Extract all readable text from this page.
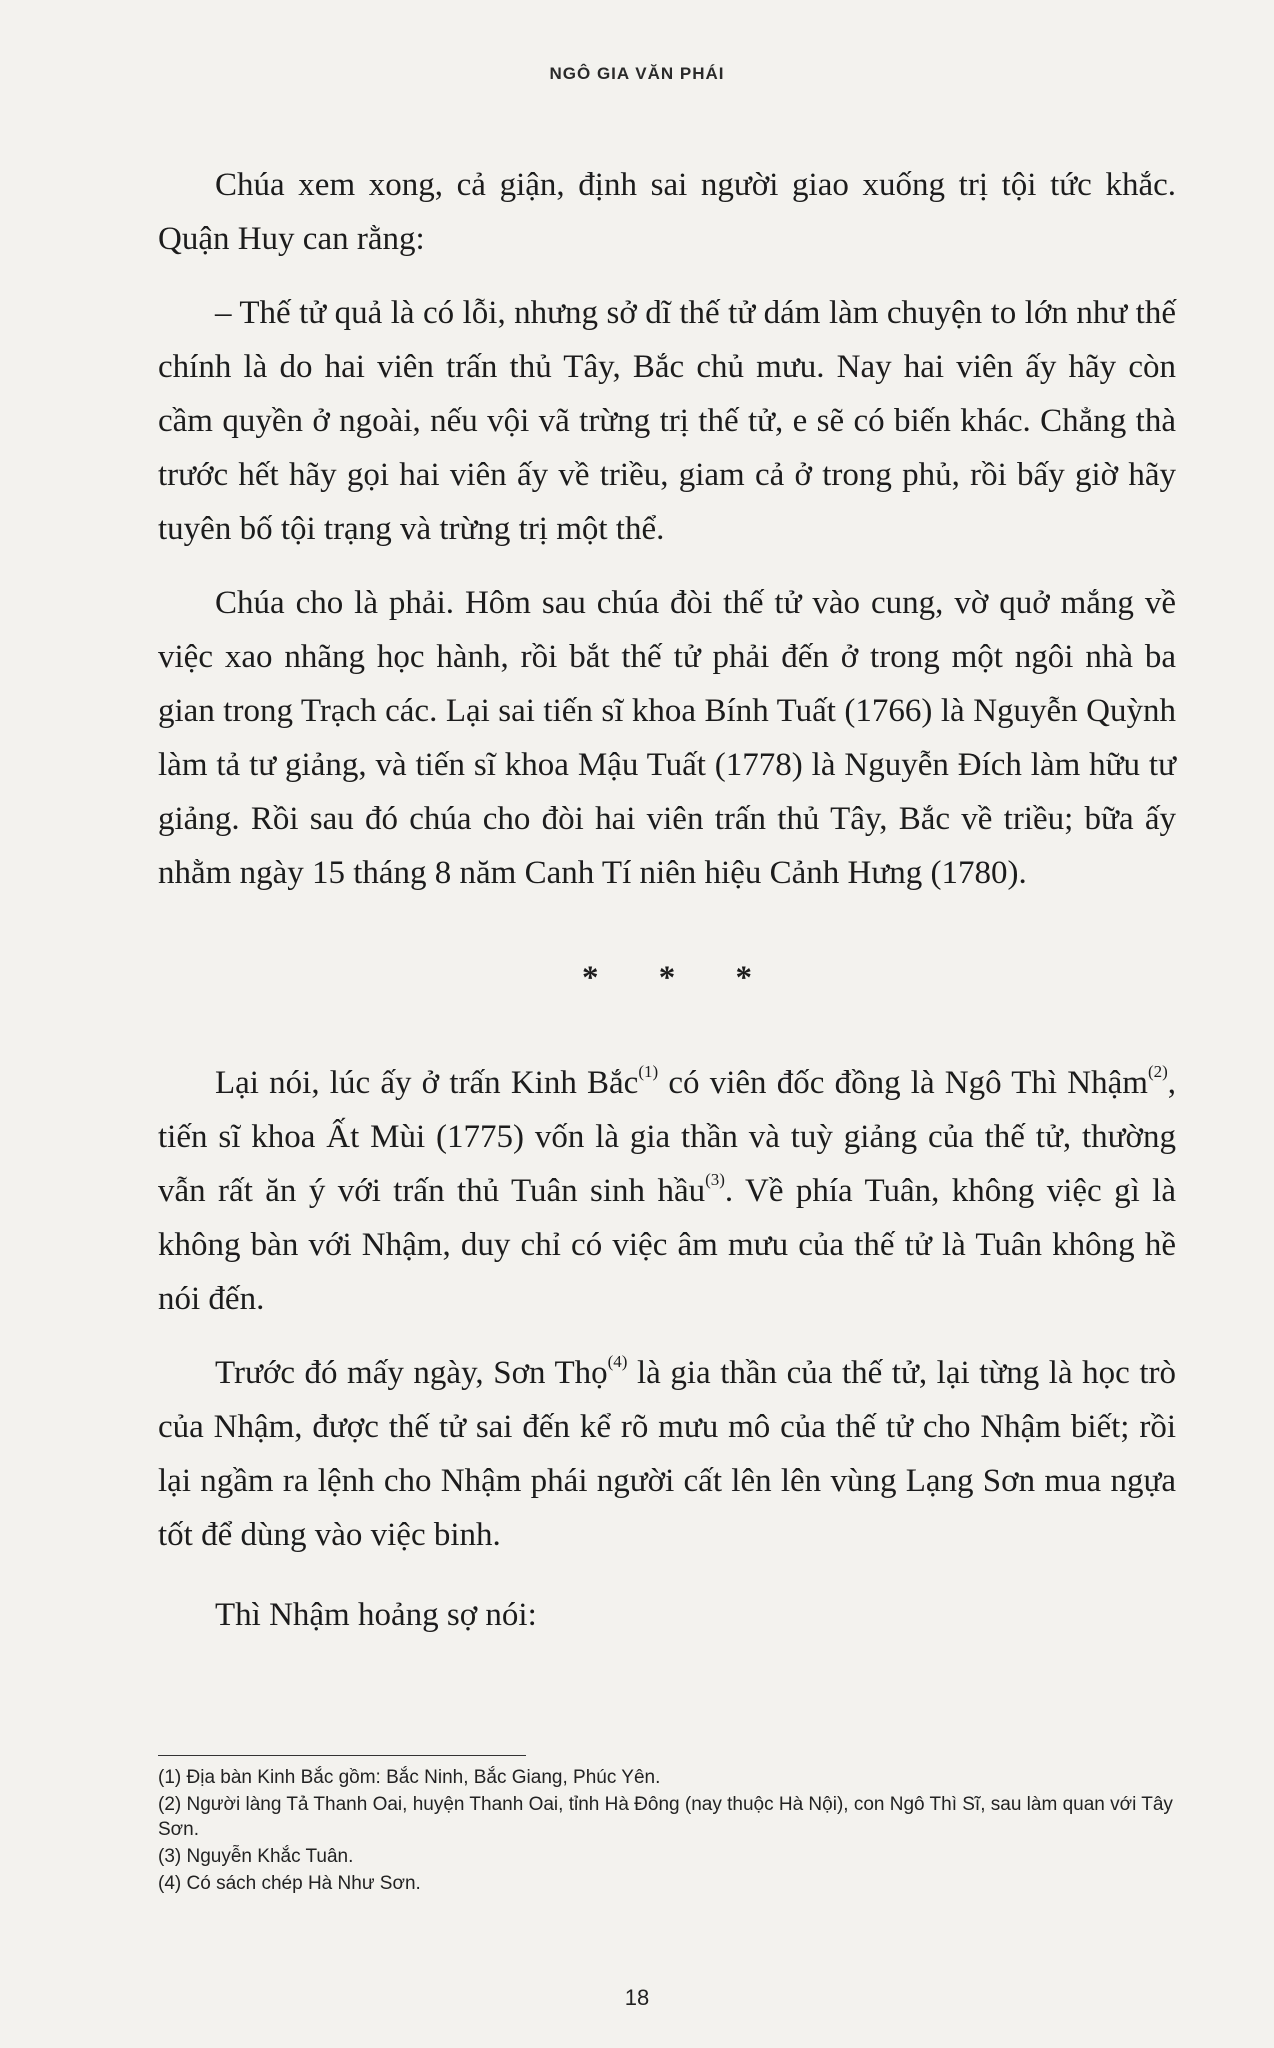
NGÔ GIA VĂN PHÁI

Chúa xem xong, cả giận, định sai người giao xuống trị tội tức khắc. Quận Huy can rằng:

– Thế tử quả là có lỗi, nhưng sở dĩ thế tử dám làm chuyện to lớn như thế chính là do hai viên trấn thủ Tây, Bắc chủ mưu. Nay hai viên ấy hãy còn cầm quyền ở ngoài, nếu vội vã trừng trị thế tử, e sẽ có biến khác. Chẳng thà trước hết hãy gọi hai viên ấy về triều, giam cả ở trong phủ, rồi bấy giờ hãy tuyên bố tội trạng và trừng trị một thể.

Chúa cho là phải. Hôm sau chúa đòi thế tử vào cung, vờ quở mắng về việc xao nhãng học hành, rồi bắt thế tử phải đến ở trong một ngôi nhà ba gian trong Trạch các. Lại sai tiến sĩ khoa Bính Tuất (1766) là Nguyễn Quỳnh làm tả tư giảng, và tiến sĩ khoa Mậu Tuất (1778) là Nguyễn Đích làm hữu tư giảng. Rồi sau đó chúa cho đòi hai viên trấn thủ Tây, Bắc về triều; bữa ấy nhằm ngày 15 tháng 8 năm Canh Tí niên hiệu Cảnh Hưng (1780).

* * *

Lại nói, lúc ấy ở trấn Kinh Bắc$^{(1)}$ có viên đốc đồng là Ngô Thì Nhậm$^{(2)}$, tiến sĩ khoa Ất Mùi (1775) vốn là gia thần và tuỳ giảng của thế tử, thường vẫn rất ăn ý với trấn thủ Tuân sinh hầu$^{(3)}$. Về phía Tuân, không việc gì là không bàn với Nhậm, duy chỉ có việc âm mưu của thế tử là Tuân không hề nói đến.

Trước đó mấy ngày, Sơn Thọ$^{(4)}$ là gia thần của thế tử, lại từng là học trò của Nhậm, được thế tử sai đến kể rõ mưu mô của thế tử cho Nhậm biết; rồi lại ngầm ra lệnh cho Nhậm phái người cất lên lên vùng Lạng Sơn mua ngựa tốt để dùng vào việc binh.

Thì Nhậm hoảng sợ nói:

(1) Địa bàn Kinh Bắc gồm: Bắc Ninh, Bắc Giang, Phúc Yên.

(2) Người làng Tả Thanh Oai, huyện Thanh Oai, tỉnh Hà Đông (nay thuộc Hà Nội), con Ngô Thì Sĩ, sau làm quan với Tây Sơn.

(3) Nguyễn Khắc Tuân.

(4) Có sách chép Hà Như Sơn.

18
